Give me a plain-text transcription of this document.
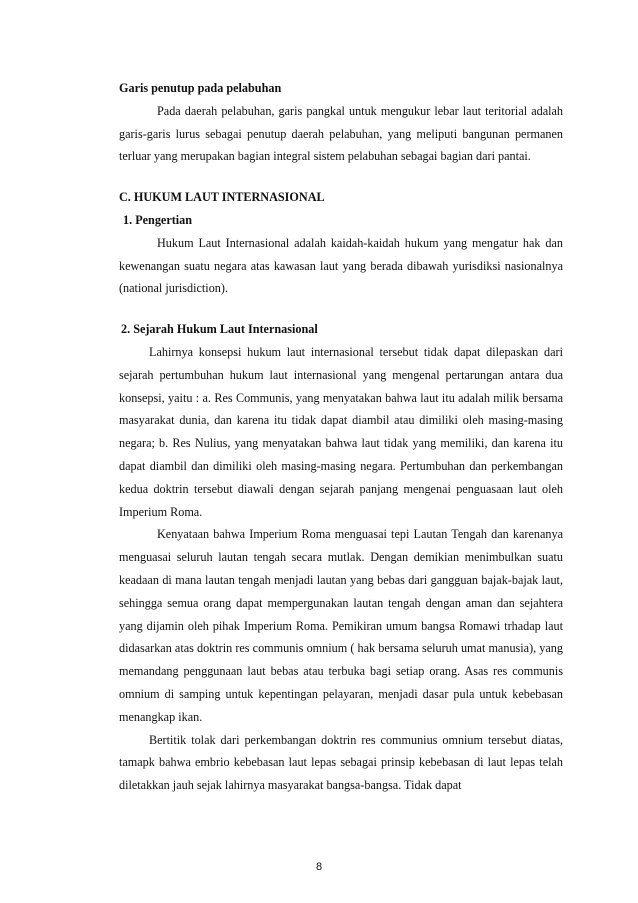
Garis penutup pada pelabuhan

Pada daerah pelabuhan, garis pangkal untuk mengukur lebar laut teritorial adalah garis-garis lurus sebagai penutup daerah pelabuhan, yang meliputi bangunan permanen terluar yang merupakan bagian integral sistem pelabuhan sebagai bagian dari pantai.

C. HUKUM LAUT INTERNASIONAL

1. Pengertian

Hukum Laut Internasional adalah kaidah-kaidah hukum yang mengatur hak dan kewenangan suatu negara atas kawasan laut yang berada dibawah yurisdiksi nasionalnya (national jurisdiction).

2. Sejarah Hukum Laut Internasional

Lahirnya konsepsi hukum laut internasional tersebut tidak dapat dilepaskan dari sejarah pertumbuhan hukum laut internasional yang mengenal pertarungan antara dua konsepsi, yaitu : a. Res Communis, yang menyatakan bahwa laut itu adalah milik bersama masyarakat dunia, dan karena itu tidak dapat diambil atau dimiliki oleh masing-masing negara; b. Res Nulius, yang menyatakan bahwa laut tidak yang memiliki, dan karena itu dapat diambil dan dimiliki oleh masing-masing negara. Pertumbuhan dan perkembangan kedua doktrin tersebut diawali dengan sejarah panjang mengenai penguasaan laut oleh Imperium Roma.

Kenyataan bahwa Imperium Roma menguasai tepi Lautan Tengah dan karenanya menguasai seluruh lautan tengah secara mutlak. Dengan demikian menimbulkan suatu keadaan di mana lautan tengah menjadi lautan yang bebas dari gangguan bajak-bajak laut, sehingga semua orang dapat mempergunakan lautan tengah dengan aman dan sejahtera yang dijamin oleh pihak Imperium Roma. Pemikiran umum bangsa Romawi trhadap laut didasarkan atas doktrin res communis omnium ( hak bersama seluruh umat manusia), yang memandang penggunaan laut bebas atau terbuka bagi setiap orang. Asas res communis omnium di samping untuk kepentingan pelayaran, menjadi dasar pula untuk kebebasan menangkap ikan.

Bertitik tolak dari perkembangan doktrin res communius omnium tersebut diatas, tamapk bahwa embrio kebebasan laut lepas sebagai prinsip kebebasan di laut lepas telah diletakkan jauh sejak lahirnya masyarakat bangsa-bangsa. Tidak dapat

8
